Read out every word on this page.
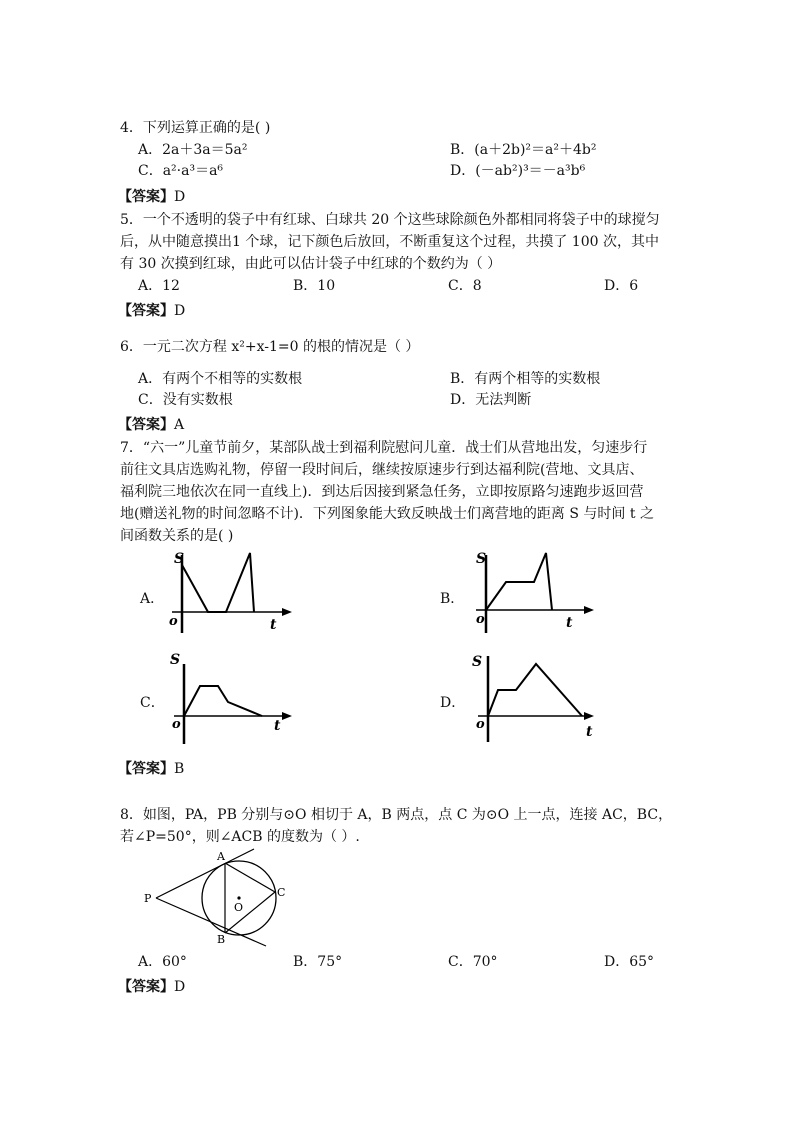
4．下列运算正确的是( )
A．2a＋3a＝5a²	B．(a＋2b)²＝a²＋4b²
C．a²·a³＝a⁶	D．(－ab²)³＝－a³b⁶
【答案】D
5．一个不透明的袋子中有红球、白球共 20 个这些球除颜色外都相同将袋子中的球搅匀
后，从中随意摸出1 个球，记下颜色后放回，不断重复这个过程，共摸了 100 次，其中
有 30 次摸到红球，由此可以估计袋子中红球的个数约为（ ）
A．12	B．10	C．8	D．6
【答案】D
6．一元二次方程 x²+x-1=0 的根的情况是（ ）
A．有两个不相等的实数根	B．有两个相等的实数根
C．没有实数根	D．无法判断
【答案】A
7．“六一”儿童节前夕，某部队战士到福利院慰问儿童．战士们从营地出发，匀速步行
前往文具店选购礼物，停留一段时间后，继续按原速步行到达福利院(营地、文具店、
福利院三地依次在同一直线上)．到达后因接到紧急任务，立即按原路匀速跑步返回营
地(赠送礼物的时间忽略不计)．下列图象能大致反映战士们离营地的距离 S 与时间 t 之
间函数关系的是( )
A．	B．
C．	D．
S
o	t
S
o	t
S
o	t
S
o	t
【答案】B
8．如图，PA，PB 分别与⊙O 相切于 A，B 两点，点 C 为⊙O 上一点，连接 AC，BC，
若∠P=50°，则∠ACB 的度数为（ ）.
P
A
B
C
O
A．60°	B．75°	C．70°	D．65°
【答案】D
